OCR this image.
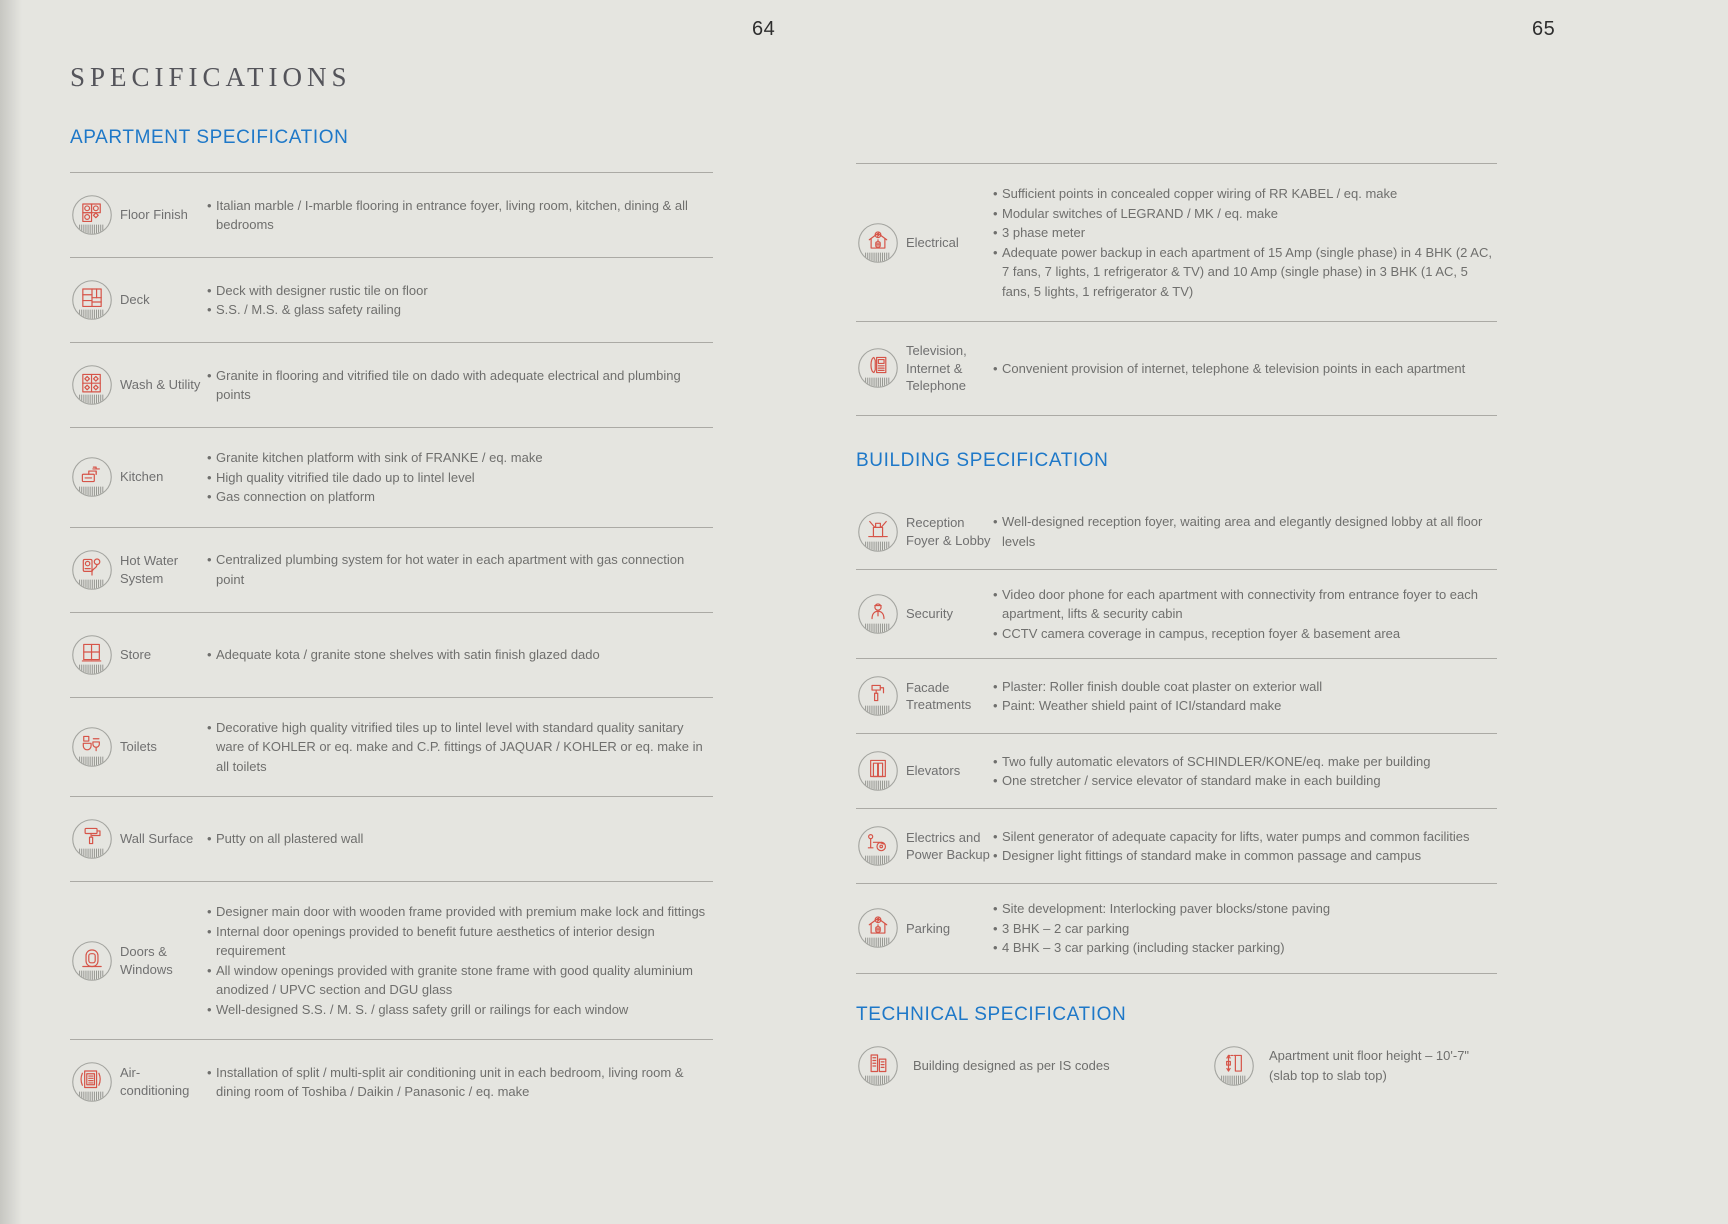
64	65
SPECIFICATIONS
APARTMENT SPECIFICATION
Floor Finish
• Italian marble / I-marble flooring in entrance foyer, living room, kitchen, dining & all bedrooms
Deck
• Deck with designer rustic tile on floor
• S.S. / M.S. & glass safety railing
Wash & Utility
• Granite in flooring and vitrified tile on dado with adequate electrical and plumbing points
Kitchen
• Granite kitchen platform with sink of FRANKE / eq. make
• High quality vitrified tile dado up to lintel level
• Gas connection on platform
Hot Water System
• Centralized plumbing system for hot water in each apartment with gas connection point
Store	• Adequate kota / granite stone shelves with satin finish glazed dado
Toilets
• Decorative high quality vitrified tiles up to lintel level with standard quality sanitary ware of KOHLER or eq. make and C.P. fittings of JAQUAR / KOHLER or eq. make in all toilets
Wall Surface	• Putty on all plastered wall
Doors & Windows
• Designer main door with wooden frame provided with premium make lock and fittings
• Internal door openings provided to benefit future aesthetics of interior design requirement
• All window openings provided with granite stone frame with good quality aluminium anodized / UPVC section and DGU glass
• Well-designed S.S. / M. S. / glass safety grill or railings for each window
Air-conditioning
• Installation of split / multi-split air conditioning unit in each bedroom, living room & dining room of Toshiba / Daikin / Panasonic / eq. make
Electrical
• Sufficient points in concealed copper wiring of RR KABEL / eq. make
• Modular switches of LEGRAND / MK / eq. make
• 3 phase meter
• Adequate power backup in each apartment of 15 Amp (single phase) in 4 BHK (2 AC, 7 fans, 7 lights, 1 refrigerator & TV) and 10 Amp (single phase) in 3 BHK (1 AC, 5 fans, 5 lights, 1 refrigerator & TV)
Television, Internet & Telephone
• Convenient provision of internet, telephone & television points in each apartment
BUILDING SPECIFICATION
Reception Foyer & Lobby
• Well-designed reception foyer, waiting area and elegantly designed lobby at all floor levels
Security
• Video door phone for each apartment with connectivity from entrance foyer to each apartment, lifts & security cabin
• CCTV camera coverage in campus, reception foyer & basement area
Facade Treatments
• Plaster: Roller finish double coat plaster on exterior wall
• Paint: Weather shield paint of ICI/standard make
Elevators
• Two fully automatic elevators of SCHINDLER/KONE/eq. make per building
• One stretcher / service elevator of standard make in each building
Electrics and Power Backup
• Silent generator of adequate capacity for lifts, water pumps and common facilities
• Designer light fittings of standard make in common passage and campus
Parking
• Site development: Interlocking paver blocks/stone paving
• 3 BHK – 2 car parking
• 4 BHK – 3 car parking (including stacker parking)
TECHNICAL SPECIFICATION
Building designed as per IS codes
Apartment unit floor height – 10'-7" (slab top to slab top)
